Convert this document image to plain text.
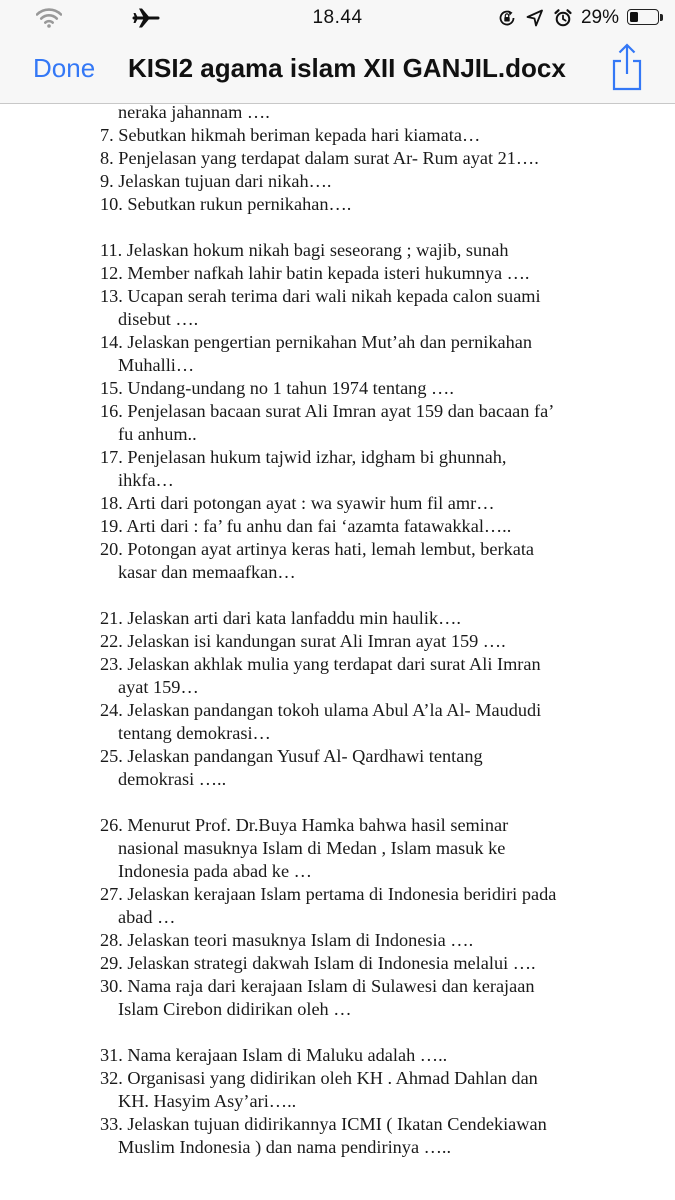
18.44	29%
Done KISI2 agama islam XII GANJIL.docx
neraka jahannam ….
7. Sebutkan hikmah beriman kepada hari kiamata…
8. Penjelasan yang terdapat dalam surat Ar- Rum ayat 21….
9. Jelaskan tujuan dari nikah….
10. Sebutkan rukun pernikahan….
11. Jelaskan hokum nikah bagi seseorang ; wajib, sunah
12. Member nafkah lahir batin kepada isteri hukumnya ….
13. Ucapan serah terima dari wali nikah kepada calon suami
disebut ….
14. Jelaskan pengertian pernikahan Mut’ah dan pernikahan
Muhalli…
15. Undang-undang no 1 tahun 1974 tentang ….
16. Penjelasan bacaan surat Ali Imran ayat 159 dan bacaan fa’
fu anhum..
17. Penjelasan hukum tajwid izhar, idgham bi ghunnah,
ihkfa…
18. Arti dari potongan ayat : wa syawir hum fil amr…
19. Arti dari : fa’ fu anhu dan fai ‘azamta fatawakkal…..
20. Potongan ayat artinya keras hati, lemah lembut, berkata
kasar dan memaafkan…
21. Jelaskan arti dari kata lanfaddu min haulik….
22. Jelaskan isi kandungan surat Ali Imran ayat 159 ….
23. Jelaskan akhlak mulia yang terdapat dari surat Ali Imran
ayat 159…
24. Jelaskan pandangan tokoh ulama Abul A’la Al- Maududi
tentang demokrasi…
25. Jelaskan pandangan Yusuf Al- Qardhawi tentang
demokrasi …..
26. Menurut Prof. Dr.Buya Hamka bahwa hasil seminar
nasional masuknya Islam di Medan , Islam masuk ke
Indonesia pada abad ke …
27. Jelaskan kerajaan Islam pertama di Indonesia beridiri pada
abad …
28. Jelaskan teori masuknya Islam di Indonesia ….
29. Jelaskan strategi dakwah Islam di Indonesia melalui ….
30. Nama raja dari kerajaan Islam di Sulawesi dan kerajaan
Islam Cirebon didirikan oleh …
31. Nama kerajaan Islam di Maluku adalah …..
32. Organisasi yang didirikan oleh KH . Ahmad Dahlan dan
KH. Hasyim Asy’ari…..
33. Jelaskan tujuan didirikannya ICMI ( Ikatan Cendekiawan
Muslim Indonesia ) dan nama pendirinya …..
